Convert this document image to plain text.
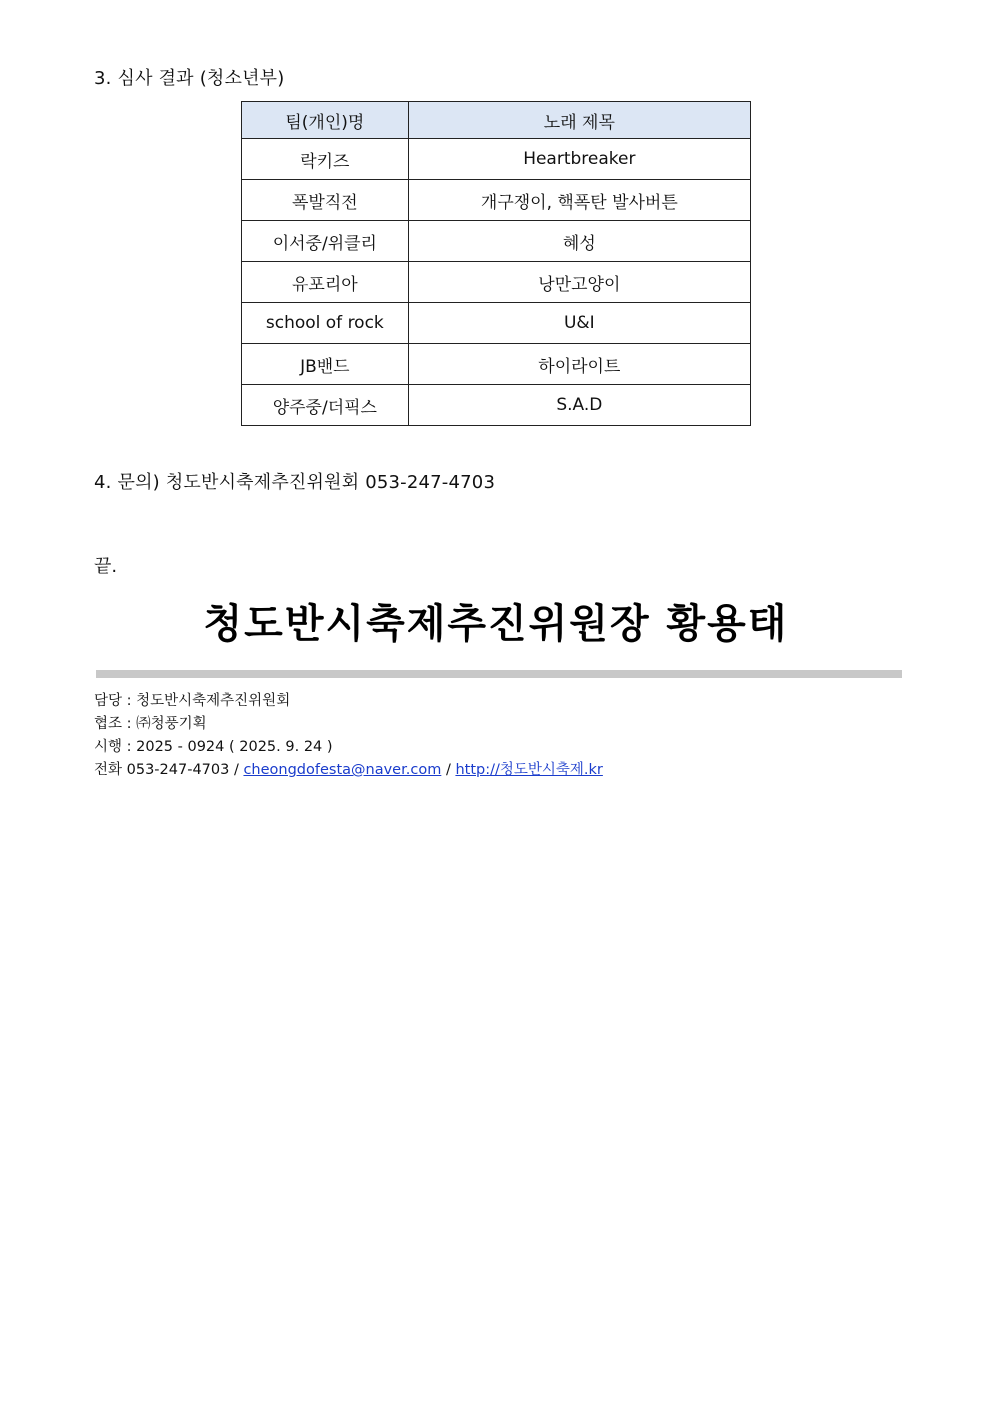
3. 심사 결과 (청소년부)
팀(개인)명	노래 제목
락키즈	Heartbreaker
폭발직전	개구쟁이, 핵폭탄 발사버튼
이서중/위클리	혜성
유포리아	낭만고양이
school of rock	U&I
JB밴드	하이라이트
양주중/더픽스	S.A.D
4. 문의) 청도반시축제추진위원회 053-247-4703
끝.
청도반시축제추진위원장 황용태
담당 : 청도반시축제추진위원회
협조 : ㈜청풍기획
시행 : 2025 - 0924 ( 2025. 9. 24 )
전화 053-247-4703 / cheongdofesta@naver.com / http://청도반시축제.kr
